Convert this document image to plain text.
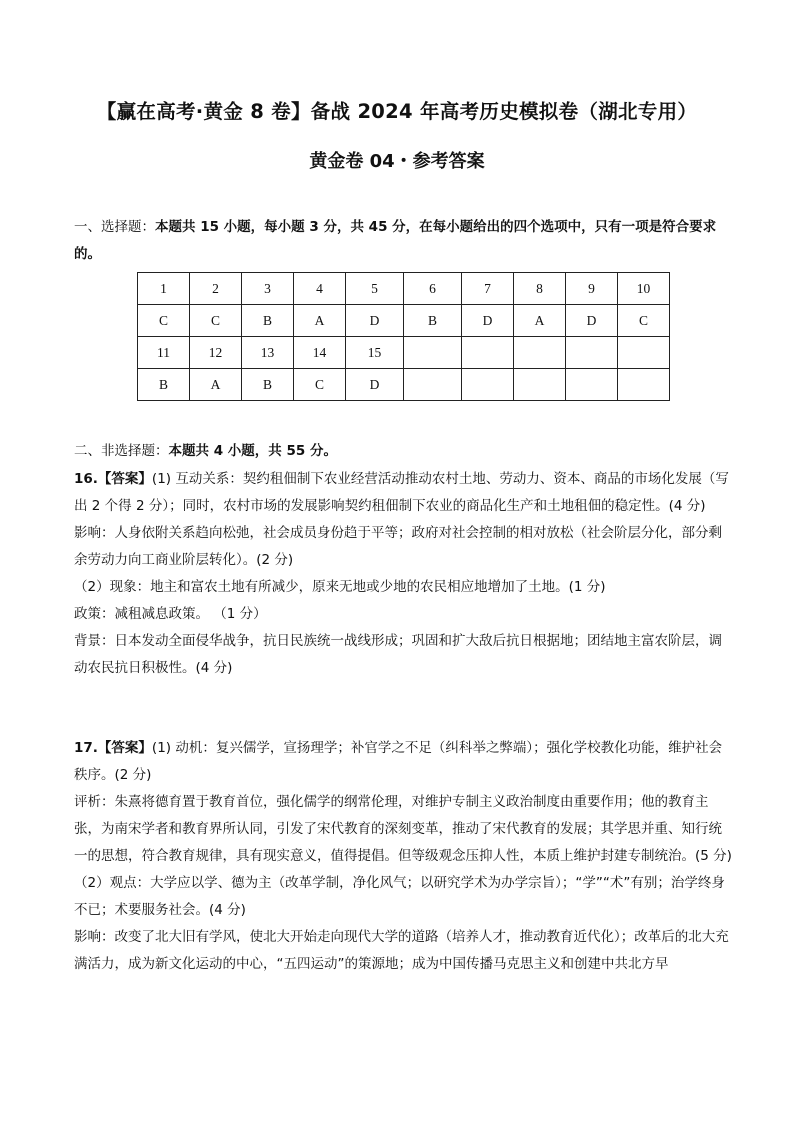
【赢在高考·黄金 8 卷】备战 2024 年高考历史模拟卷（湖北专用）
黄金卷 04・参考答案
一、选择题：本题共 15 小题，每小题 3 分，共 45 分，在每小题给出的四个选项中，只有一项是符合要求的。
1	2	3	4	5	6	7	8	9	10
C	C	B	A	D	B	D	A	D	C
11	12	13	14	15					
B	A	B	C	D					
二、非选择题：本题共 4 小题，共 55 分。

16.【答案】(1) 互动关系：契约租佃制下农业经营活动推动农村土地、劳动力、资本、商品的市场化发展（写出 2 个得 2 分）；同时，农村市场的发展影响契约租佃制下农业的商品化生产和土地租佃的稳定性。(4 分)

影响：人身依附关系趋向松弛，社会成员身份趋于平等；政府对社会控制的相对放松（社会阶层分化，部分剩余劳动力向工商业阶层转化）。(2 分)

（2）现象：地主和富农土地有所减少，原来无地或少地的农民相应地增加了土地。(1 分)

政策：减租减息政策。 （1 分）

背景：日本发动全面侵华战争，抗日民族统一战线形成；巩固和扩大敌后抗日根据地；团结地主富农阶层，调动农民抗日积极性。(4 分)

17.【答案】(1) 动机：复兴儒学，宣扬理学；补官学之不足（纠科举之弊端）；强化学校教化功能，维护社会秩序。(2 分)

评析：朱熹将德育置于教育首位，强化儒学的纲常伦理，对维护专制主义政治制度由重要作用；他的教育主张，为南宋学者和教育界所认同，引发了宋代教育的深刻变革，推动了宋代教育的发展；其学思并重、知行统一的思想，符合教育规律，具有现实意义，值得提倡。但等级观念压抑人性，本质上维护封建专制统治。(5 分)

（2）观点：大学应以学、德为主（改革学制，净化风气；以研究学术为办学宗旨）；“学”“术”有别；治学终身不已；术要服务社会。(4 分)

影响：改变了北大旧有学风，使北大开始走向现代大学的道路（培养人才，推动教育近代化）；改革后的北大充满活力，成为新文化运动的中心，“五四运动”的策源地；成为中国传播马克思主义和创建中共北方早
